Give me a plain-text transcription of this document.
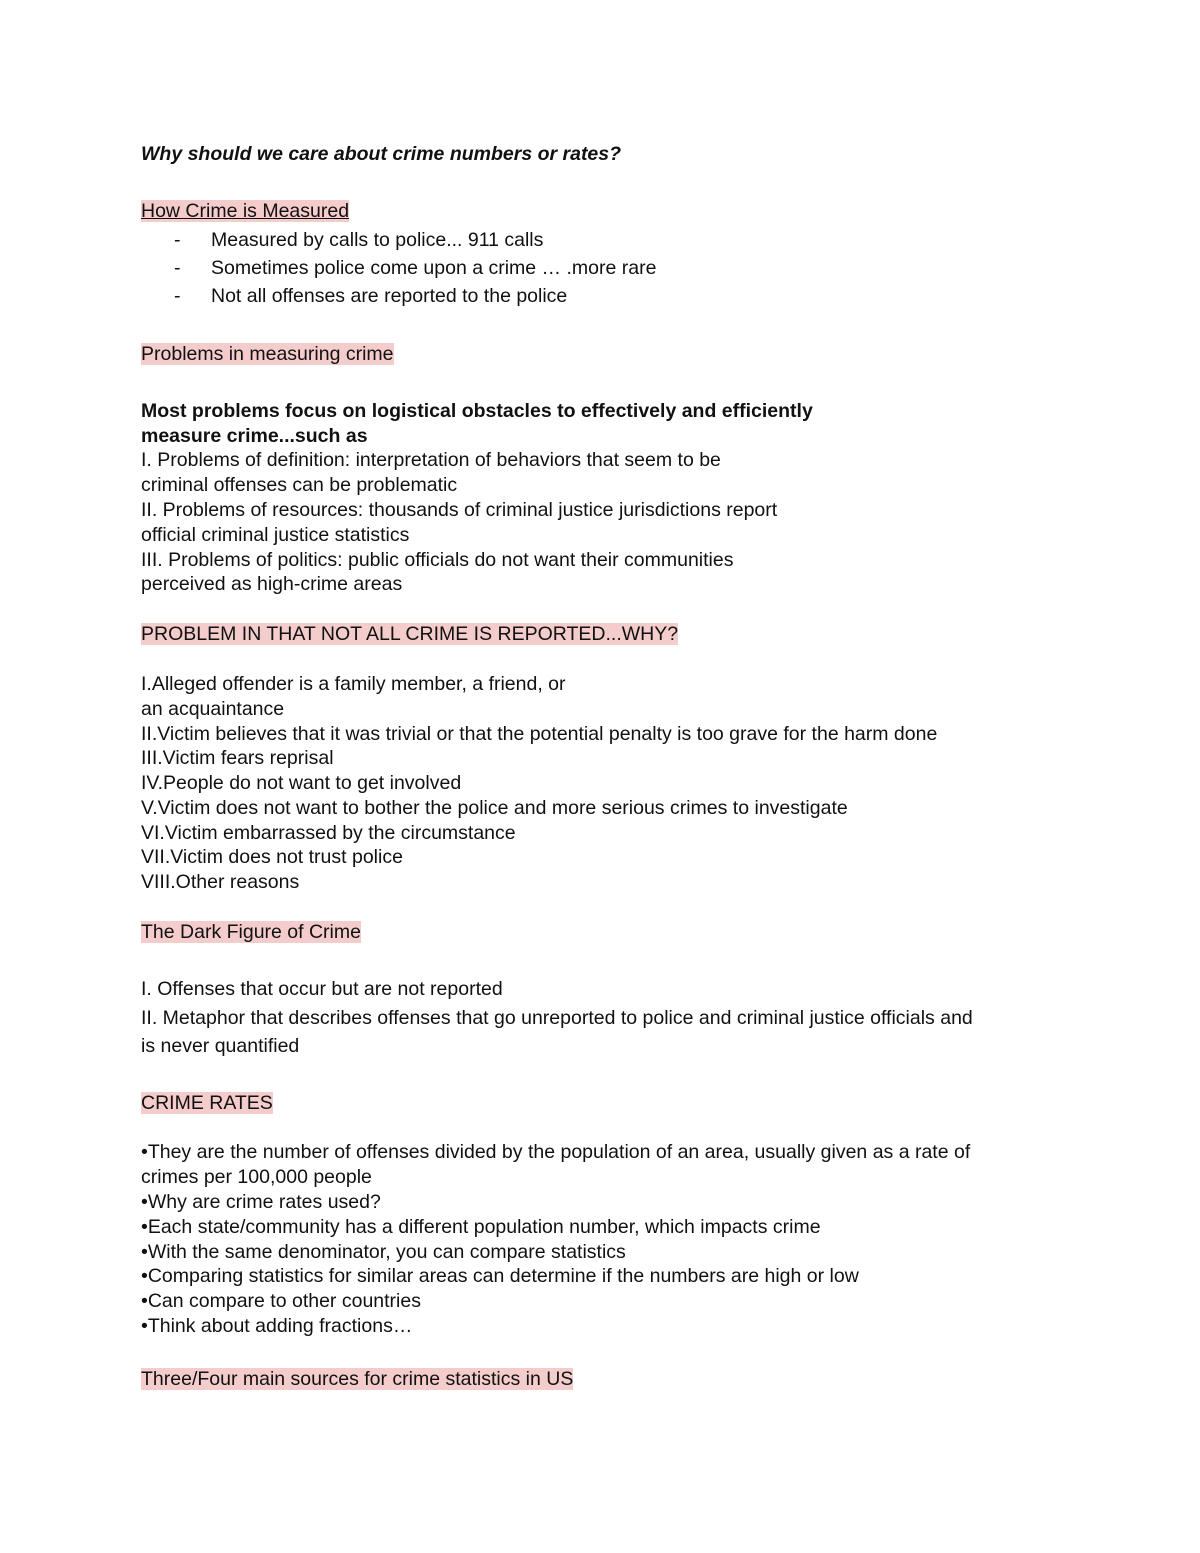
Why should we care about crime numbers or rates?

How Crime is Measured

- Measured by calls to police... 911 calls

- Sometimes police come upon a crime … .more rare

- Not all offenses are reported to the police

Problems in measuring crime

Most problems focus on logistical obstacles to effectively and efficiently

measure crime...such as

I. Problems of definition: interpretation of behaviors that seem to be

criminal offenses can be problematic

II. Problems of resources: thousands of criminal justice jurisdictions report

official criminal justice statistics

III. Problems of politics: public officials do not want their communities

perceived as high-crime areas

PROBLEM IN THAT NOT ALL CRIME IS REPORTED...WHY?

I.Alleged offender is a family member, a friend, or

an acquaintance

II.Victim believes that it was trivial or that the potential penalty is too grave for the harm done

III.Victim fears reprisal

IV.People do not want to get involved

V.Victim does not want to bother the police and more serious crimes to investigate

VI.Victim embarrassed by the circumstance

VII.Victim does not trust police

VIII.Other reasons

The Dark Figure of Crime

I. Offenses that occur but are not reported

II. Metaphor that describes offenses that go unreported to police and criminal justice officials and

is never quantified

CRIME RATES

•They are the number of offenses divided by the population of an area, usually given as a rate of

crimes per 100,000 people

•Why are crime rates used?

•Each state/community has a different population number, which impacts crime

•With the same denominator, you can compare statistics

•Comparing statistics for similar areas can determine if the numbers are high or low

•Can compare to other countries

•Think about adding fractions…

Three/Four main sources for crime statistics in US
